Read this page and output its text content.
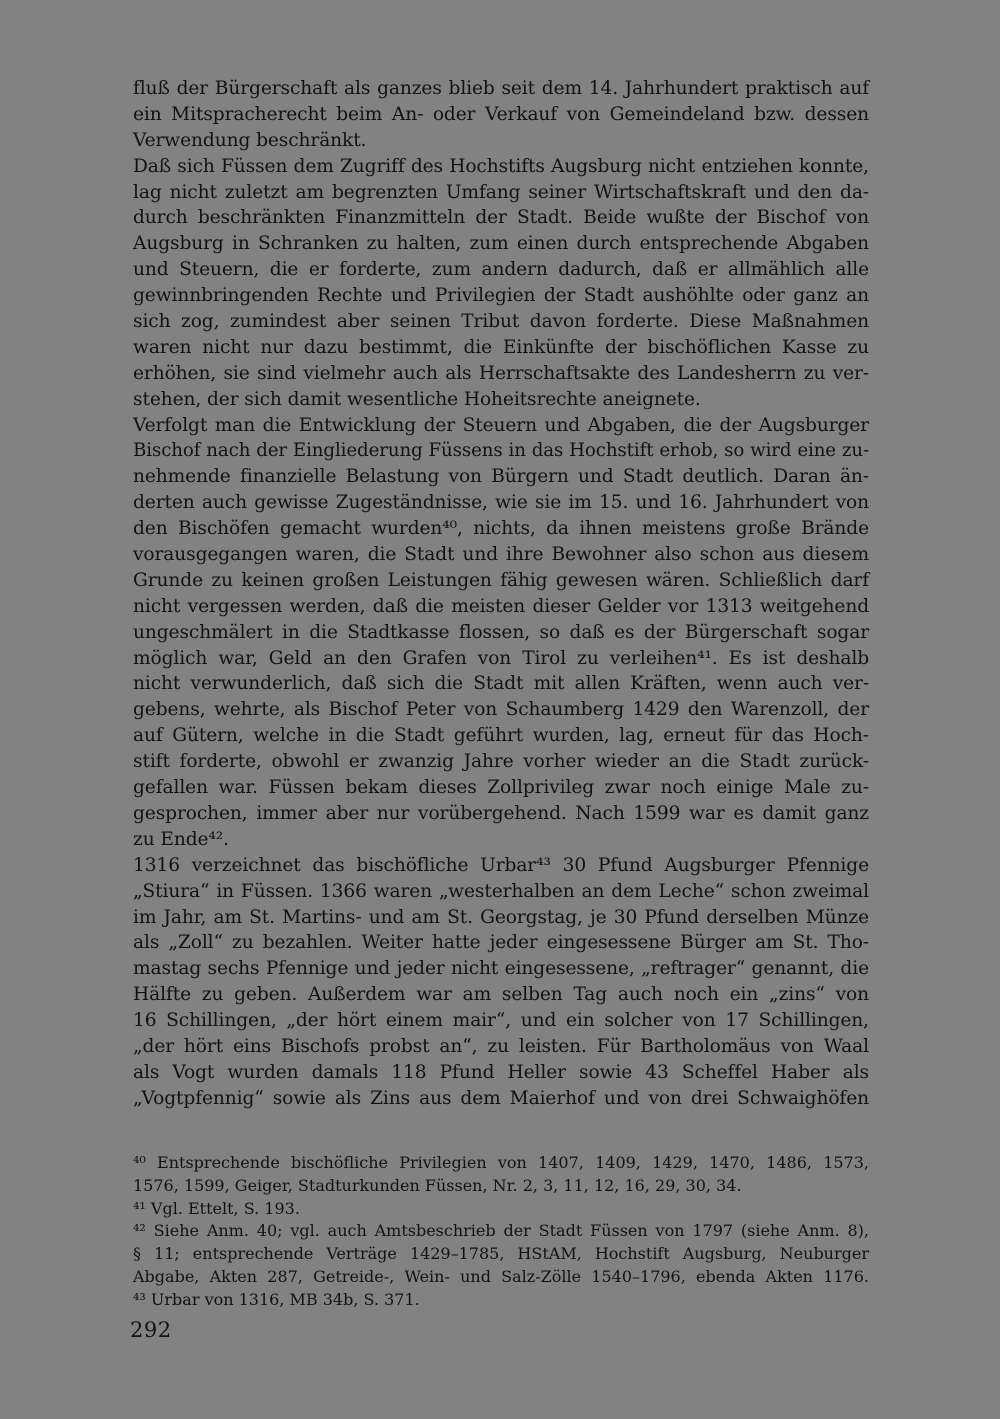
fluß der Bürgerschaft als ganzes blieb seit dem 14. Jahrhundert praktisch auf
ein Mitspracherecht beim An- oder Verkauf von Gemeindeland bzw. dessen
Verwendung beschränkt.
Daß sich Füssen dem Zugriff des Hochstifts Augsburg nicht entziehen konnte,
lag nicht zuletzt am begrenzten Umfang seiner Wirtschaftskraft und den da-
durch beschränkten Finanzmitteln der Stadt. Beide wußte der Bischof von
Augsburg in Schranken zu halten, zum einen durch entsprechende Abgaben
und Steuern, die er forderte, zum andern dadurch, daß er allmählich alle
gewinnbringenden Rechte und Privilegien der Stadt aushöhlte oder ganz an
sich zog, zumindest aber seinen Tribut davon forderte. Diese Maßnahmen
waren nicht nur dazu bestimmt, die Einkünfte der bischöflichen Kasse zu
erhöhen, sie sind vielmehr auch als Herrschaftsakte des Landesherrn zu ver-
stehen, der sich damit wesentliche Hoheitsrechte aneignete.
Verfolgt man die Entwicklung der Steuern und Abgaben, die der Augsburger
Bischof nach der Eingliederung Füssens in das Hochstift erhob, so wird eine zu-
nehmende finanzielle Belastung von Bürgern und Stadt deutlich. Daran än-
derten auch gewisse Zugeständnisse, wie sie im 15. und 16. Jahrhundert von
den Bischöfen gemacht wurden⁴⁰, nichts, da ihnen meistens große Brände
vorausgegangen waren, die Stadt und ihre Bewohner also schon aus diesem
Grunde zu keinen großen Leistungen fähig gewesen wären. Schließlich darf
nicht vergessen werden, daß die meisten dieser Gelder vor 1313 weitgehend
ungeschmälert in die Stadtkasse flossen, so daß es der Bürgerschaft sogar
möglich war, Geld an den Grafen von Tirol zu verleihen⁴¹. Es ist deshalb
nicht verwunderlich, daß sich die Stadt mit allen Kräften, wenn auch ver-
gebens, wehrte, als Bischof Peter von Schaumberg 1429 den Warenzoll, der
auf Gütern, welche in die Stadt geführt wurden, lag, erneut für das Hoch-
stift forderte, obwohl er zwanzig Jahre vorher wieder an die Stadt zurück-
gefallen war. Füssen bekam dieses Zollprivileg zwar noch einige Male zu-
gesprochen, immer aber nur vorübergehend. Nach 1599 war es damit ganz
zu Ende⁴².
1316 verzeichnet das bischöfliche Urbar⁴³ 30 Pfund Augsburger Pfennige
„Stiura“ in Füssen. 1366 waren „westerhalben an dem Leche“ schon zweimal
im Jahr, am St. Martins- und am St. Georgstag, je 30 Pfund derselben Münze
als „Zoll“ zu bezahlen. Weiter hatte jeder eingesessene Bürger am St. Tho-
mastag sechs Pfennige und jeder nicht eingesessene, „reftrager“ genannt, die
Hälfte zu geben. Außerdem war am selben Tag auch noch ein „zins“ von
16 Schillingen, „der hört einem mair“, und ein solcher von 17 Schillingen,
„der hört eins Bischofs probst an“, zu leisten. Für Bartholomäus von Waal
als Vogt wurden damals 118 Pfund Heller sowie 43 Scheffel Haber als
„Vogtpfennig“ sowie als Zins aus dem Maierhof und von drei Schwaighöfen
⁴⁰ Entsprechende bischöfliche Privilegien von 1407, 1409, 1429, 1470, 1486, 1573,
1576, 1599, Geiger, Stadturkunden Füssen, Nr. 2, 3, 11, 12, 16, 29, 30, 34.
⁴¹ Vgl. Ettelt, S. 193.
⁴² Siehe Anm. 40; vgl. auch Amtsbeschrieb der Stadt Füssen von 1797 (siehe Anm. 8),
§ 11; entsprechende Verträge 1429–1785, HStAM, Hochstift Augsburg, Neuburger
Abgabe, Akten 287, Getreide-, Wein- und Salz-Zölle 1540–1796, ebenda Akten 1176.
⁴³ Urbar von 1316, MB 34b, S. 371.
292
